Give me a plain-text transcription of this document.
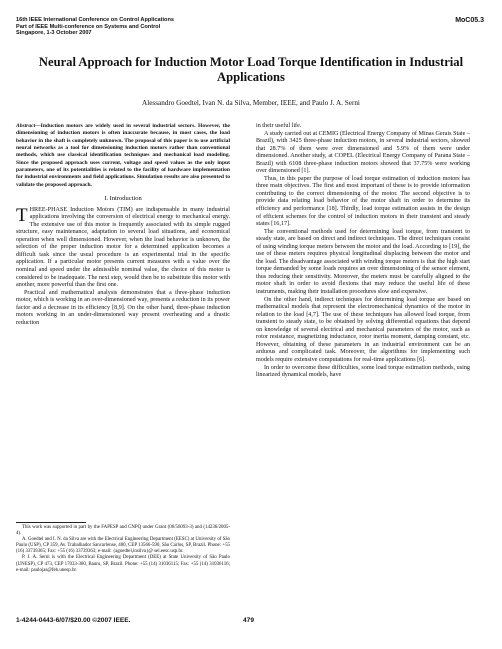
16th IEEE International Conference on Control Applications
Part of IEEE Multi-conference on Systems and Control
Singapore, 1-3 October 2007
MoC05.3
Neural Approach for Induction Motor Load Torque Identification in Industrial Applications
Alessandro Goedtel, Ivan N. da Silva, Member, IEEE, and Paulo J. A. Serni
Abstract—Induction motors are widely used in several industrial sectors. However, the dimensioning of induction motors is often inaccurate because, in most cases, the load behavior in the shaft is completely unknown. The proposal of this paper is to use artificial neural networks as a tool for dimensioning induction motors rather than conventional methods, which use classical identification techniques and mechanical load modeling. Since the proposed approach uses current, voltage and speed values as the only input parameters, one of its potentialities is related to the facility of hardware implementation for industrial environments and field applications. Simulation results are also presented to validate the proposed approach.
I. Introduction

THREE-PHASE Induction Motors (TIM) are indispensable in many industrial applications involving the conversion of electrical energy to mechanical energy. The extensive use of this motor is frequently associated with its simple rugged structure, easy maintenance, adaptation to several load situations, and economical operation when well dimensioned. However, when the load behavior is unknown, the selection of the proper induction motor for a determined application becomes a difficult task since the usual procedure is an experimental trial in the specific application. If a particular motor presents current measures with a value over the nominal and speed under the admissible nominal value, the choice of this motor is considered to be inadequate. The next step, would then be to substitute this motor with another, more powerful than the first one.

Practical and mathematical analysis demonstrates that a three-phase induction motor, which is working in an over-dimensioned way, presents a reduction in its power factor and a decrease in its efficiency [8,9]. On the other hand, three-phase induction motors working in an under-dimensioned way present overheating and a drastic reduction

This work was supported in part by the FAPESP and CNPQ under Grant (06/56093-3) and (14236/2005-4).

A. Goedtel and I. N. da Silva are with the Electrical Engineering Department (EESC) at University of São Paulo (USP), CP 359, Av. Trabalhador Sancarlense, 400, CEP 13566-590, São Carlos, SP, Brazil. Phone: +55 (16) 33739365; Fax: +55 (16) 33739363; e-mail: {agoedtel,insilva}@ sel.eesc.usp.br.

P. J. A. Serni is with the Electrical Engineering Department (DEE) at State University of São Paulo (UNESP), CP 473, CEP 17033-360, Bauru, SP, Brazil. Phone: +55 (14) 31036115; Fax: +55 (14) 31036116; e-mail: paulojas@feb.unesp.br.

in their useful life.

A study carried out at CEMIG (Electrical Energy Company of Minas Gerais State – Brazil), with 3425 three-phase induction motors, in several industrial sectors, showed that 28.7% of them were over dimensioned and 5.9% of them were under dimensioned. Another study, at COPEL (Electrical Energy Company of Parana State – Brazil) with 6108 three-phase induction motors showed that 37.75% were working over dimensioned [1].

Thus, in this paper the purpose of load torque estimation of induction motors has three main objectives. The first and most important of these is to provide information contributing to the correct dimensioning of the motor. The second objective is to provide data relating load behavior of the motor shaft in order to determine its efficiency and performance [18]. Thirdly, load torque estimation assists in the design of efficient schemes for the control of induction motors in their transient and steady states [16,17].

The conventional methods used for determining load torque, from transient to steady state, are based on direct and indirect techniques. The direct techniques consist of using winding torque meters between the motor and the load. According to [19], the use of these meters requires physical longitudinal displacing between the motor and the load. The disadvantage associated with winding torque meters is that the high start torque demanded by some loads requires an over dimensioning of the sensor element, thus reducing their sensitivity. Moreover, the meters must be carefully aligned to the motor shaft in order to avoid flexions that may reduce the useful life of these instruments, making their installation procedures slow and expensive.

On the other hand, indirect techniques for determining load torque are based on mathematical models that represent the electromechanical dynamics of the motor in relation to the load [4,7]. The use of these techniques has allowed load torque, from transient to steady state, to be obtained by solving differential equations that depend on knowledge of several electrical and mechanical parameters of the motor, such as rotor resistance, magnetizing inductance, rotor inertia moment, damping constant, etc. However, obtaining of these parameters in an industrial environment can be an arduous and complicated task. Moreover, the algorithms for implementing such models require extensive computations for real-time applications [6].

In order to overcome these difficulties, some load torque estimation methods, using linearized dynamical models, have

1-4244-0443-6/07/$20.00 ©2007 IEEE.	479
